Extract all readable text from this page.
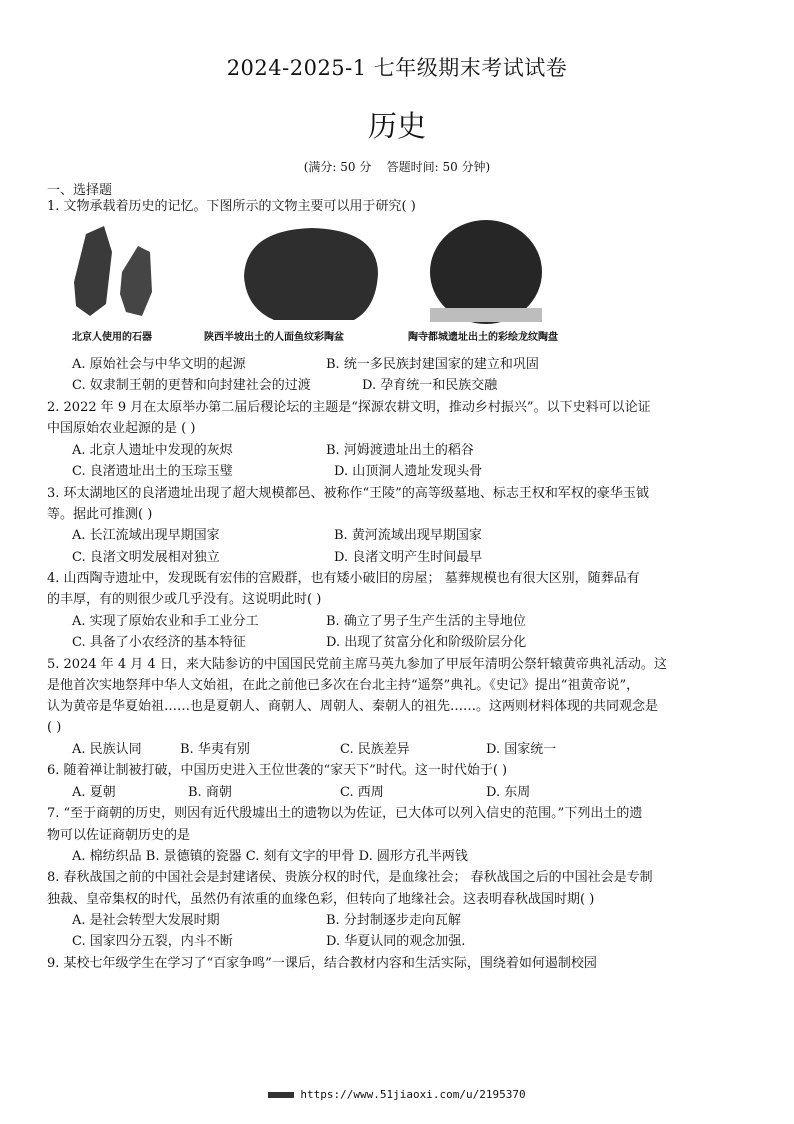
2024-2025-1 七年级期末考试试卷
历史
(满分: 50 分    答题时间: 50 分钟)
一、选择题
1. 文物承载着历史的记忆。下图所示的文物主要可以用于研究( )
北京人使用的石器	陕西半坡出土的人面鱼纹彩陶盆	陶寺都城遗址出土的彩绘龙纹陶盘
A. 原始社会与中华文明的起源	B. 统一多民族封建国家的建立和巩固
C. 奴隶制王朝的更替和向封建社会的过渡	D. 孕育统一和民族交融
2. 2022 年 9 月在太原举办第二届后稷论坛的主题是“探源农耕文明，推动乡村振兴”。以下史料可以论证
中国原始农业起源的是 ( )
A. 北京人遗址中发现的灰烬	B. 河姆渡遗址出土的稻谷
C. 良渚遗址出土的玉琮玉璧	D. 山顶洞人遗址发现头骨
3. 环太湖地区的良渚遗址出现了超大规模都邑、被称作“王陵”的高等级墓地、标志王权和军权的豪华玉钺
等。据此可推测( )
A. 长江流域出现早期国家	B. 黄河流域出现早期国家
C. 良渚文明发展相对独立	D. 良渚文明产生时间最早
4. 山西陶寺遗址中，发现既有宏伟的宫殿群，也有矮小破旧的房屋； 墓葬规模也有很大区别，随葬品有
的丰厚，有的则很少或几乎没有。这说明此时( )
A. 实现了原始农业和手工业分工	B. 确立了男子生产生活的主导地位
C. 具备了小农经济的基本特征	D. 出现了贫富分化和阶级阶层分化
5. 2024 年 4 月 4 日，来大陆参访的中国国民党前主席马英九参加了甲辰年清明公祭轩辕黄帝典礼活动。这
是他首次实地祭拜中华人文始祖，在此之前他已多次在台北主持“遥祭”典礼。《史记》提出“祖黄帝说”，
认为黄帝是华夏始祖……也是夏朝人、商朝人、周朝人、秦朝人的祖先……。这两则材料体现的共同观念是
( )
A. 民族认同	B. 华夷有别	C. 民族差异	D. 国家统一
6. 随着禅让制被打破，中国历史进入王位世袭的“家天下”时代。这一时代始于( )
A. 夏朝	B. 商朝	C. 西周	D. 东周
7. “至于商朝的历史，则因有近代殷墟出土的遗物以为佐证，已大体可以列入信史的范围。”下列出土的遗
物可以佐证商朝历史的是
A. 棉纺织品 B. 景德镇的瓷器 C. 刻有文字的甲骨 D. 圆形方孔半两钱
8. 春秋战国之前的中国社会是封建诸侯、贵族分权的时代，是血缘社会； 春秋战国之后的中国社会是专制
独裁、皇帝集权的时代，虽然仍有浓重的血缘色彩，但转向了地缘社会。这表明春秋战国时期( )
A. 是社会转型大发展时期	B. 分封制逐步走向瓦解
C. 国家四分五裂，内斗不断	D. 华夏认同的观念加强.
9. 某校七年级学生在学习了“百家争鸣”一课后，结合教材内容和生活实际，围绕着如何遏制校园
https://www.51jiaoxi.com/u/2195370
